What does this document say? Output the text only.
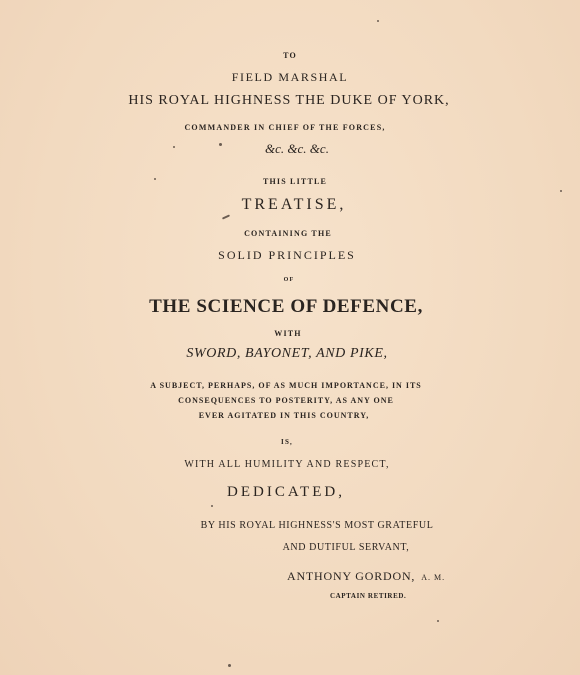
TO
FIELD MARSHAL
HIS ROYAL HIGHNESS THE DUKE OF YORK,
COMMANDER IN CHIEF OF THE FORCES,
&c. &c. &c.
THIS LITTLE
TREATISE,
CONTAINING THE
SOLID PRINCIPLES
OF
THE SCIENCE OF DEFENCE,
WITH
SWORD, BAYONET, AND PIKE,
A SUBJECT, PERHAPS, OF AS MUCH IMPORTANCE, IN ITS
CONSEQUENCES TO POSTERITY, AS ANY ONE
EVER AGITATED IN THIS COUNTRY,
IS,
WITH ALL HUMILITY AND RESPECT,
DEDICATED,
BY HIS ROYAL HIGHNESS'S MOST GRATEFUL
AND DUTIFUL SERVANT,
ANTHONY GORDON, A. M.
CAPTAIN RETIRED.
